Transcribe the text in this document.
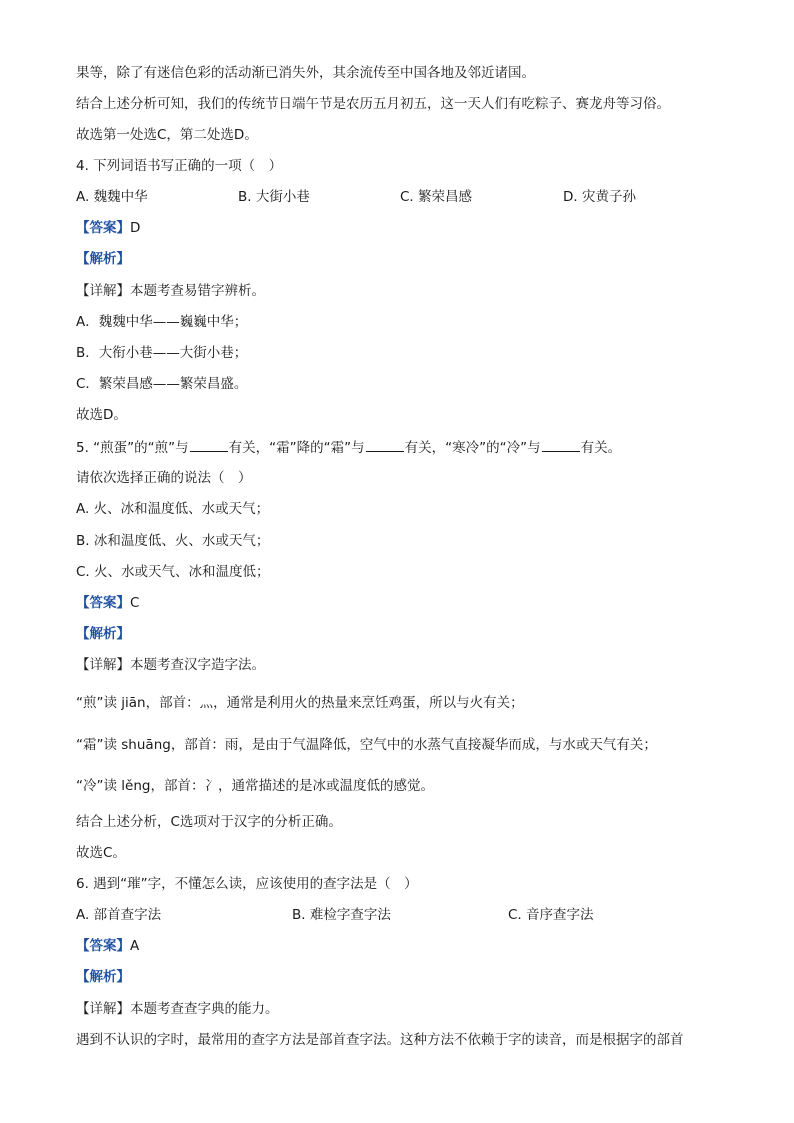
果等，除了有迷信色彩的活动渐已消失外，其余流传至中国各地及邻近诸国。
结合上述分析可知，我们的传统节日端午节是农历五月初五，这一天人们有吃粽子、赛龙舟等习俗。
故选第一处选C，第二处选D。
4. 下列词语书写正确的一项（　）
A. 魏魏中华	B. 大街小巷	C. 繁荣昌感	D. 灾黄子孙
【答案】D
【解析】
【详解】本题考查易错字辨析。
A．魏魏中华——巍巍中华；
B．大衔小巷——大街小巷；
C．繁荣昌感——繁荣昌盛。
故选D。
5. “煎蛋”的“煎”与	有关，“霜”降的“霜”与	有关，“寒冷”的“冷”与	有关。
请依次选择正确的说法（　）
A. 火、冰和温度低、水或天气；
B. 冰和温度低、火、水或天气；
C. 火、水或天气、冰和温度低；
【答案】C
【解析】
【详解】本题考查汉字造字法。
“煎”读 jiān，部首：灬，通常是利用火的热量来烹饪鸡蛋，所以与火有关；
“霜”读 shuāng，部首：雨，是由于气温降低，空气中的水蒸气直接凝华而成，与水或天气有关；
“冷”读 lěng，部首：冫，通常描述的是冰或温度低的感觉。
结合上述分析，C选项对于汉字的分析正确。
故选C。
6. 遇到“璀”字，不懂怎么读，应该使用的查字法是（　）
A. 部首查字法	B. 难检字查字法	C. 音序查字法
【答案】A
【解析】
【详解】本题考查查字典的能力。
遇到不认识的字时，最常用的查字方法是部首查字法。这种方法不依赖于字的读音，而是根据字的部首
